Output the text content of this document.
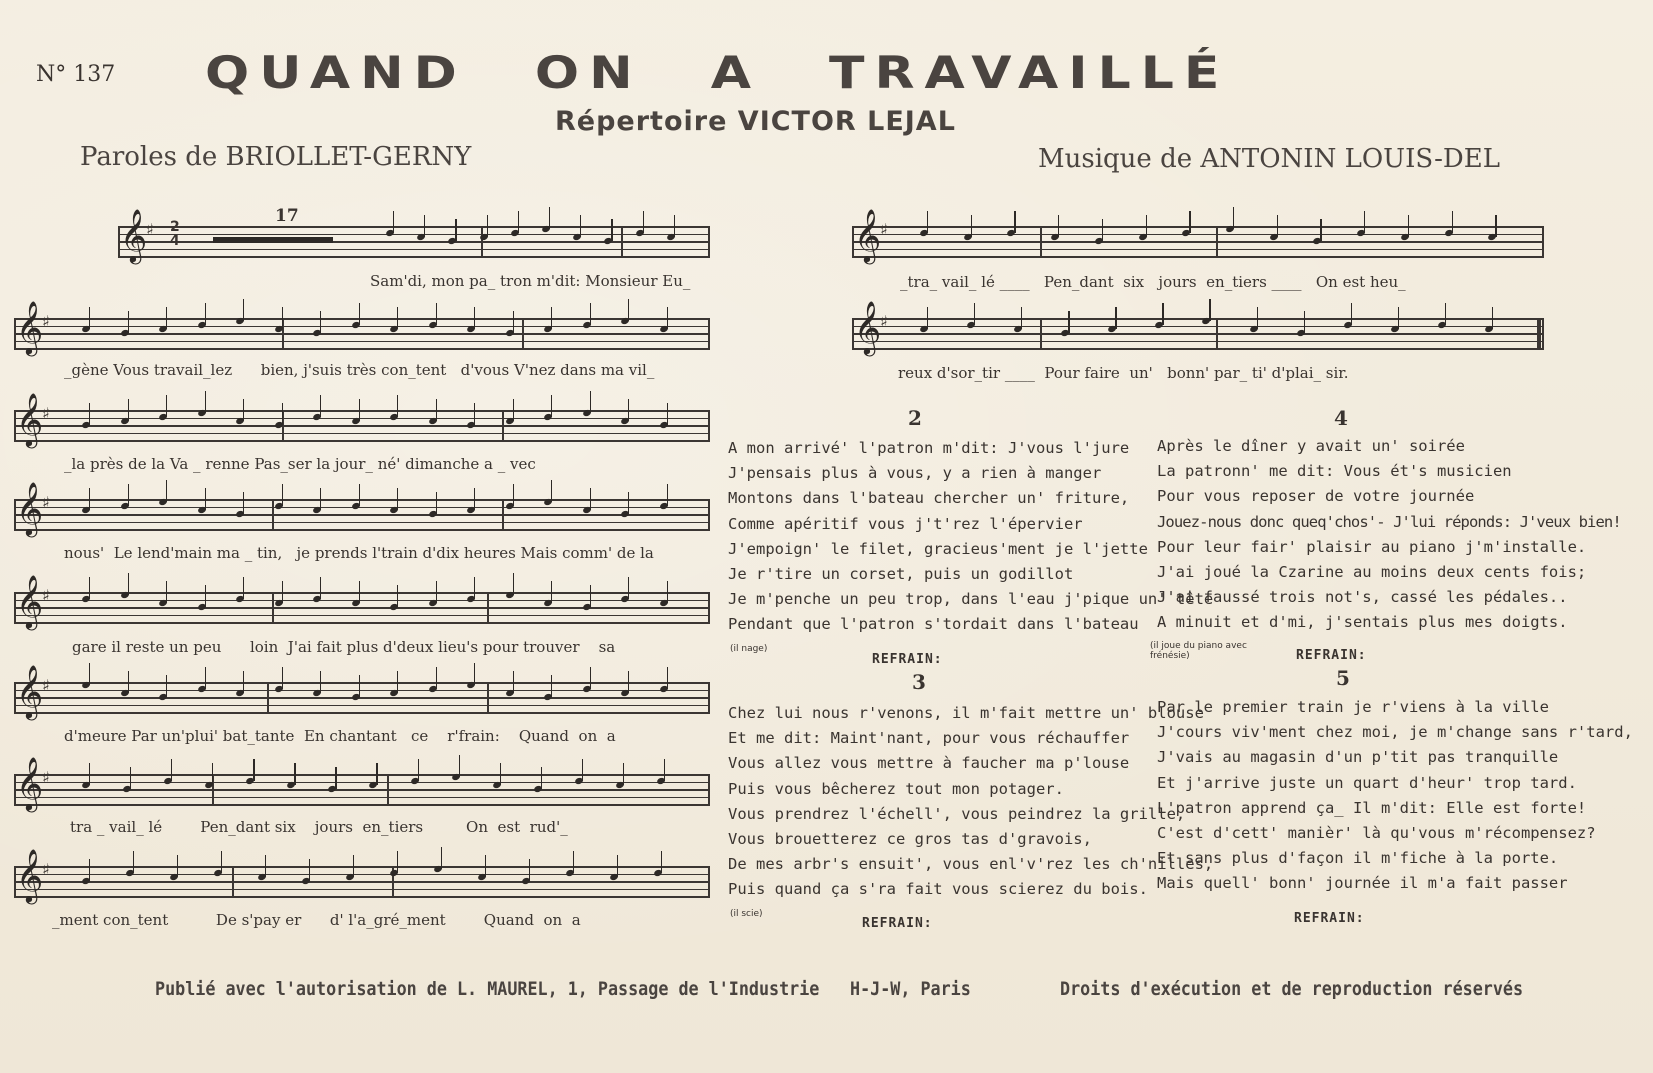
N° 137 QUAND ON A TRAVAILLÉ
Répertoire VICTOR LEJAL
Paroles de BRIOLLET-GERNY	Musique de ANTONIN LOUIS-DEL
17
𝄞
♯ 2
4
𝄞
♯
𝄞
♯
𝄞
♯
𝄞
♯
𝄞
♯
𝄞
♯
𝄞
♯
𝄞
♯
𝄞
♯
Sam'di, mon pa_ tron m'dit: Monsieur Eu_
_gène Vous travail_lez      bien, j'suis très con_tent   d'vous V'nez dans ma vil_
_la près de la Va _ renne Pas_ser la jour_ né' dimanche a _ vec
nous'  Le lend'main ma _ tin,   je prends l'train d'dix heures Mais comm' de la
gare il reste un peu      loin  J'ai fait plus d'deux lieu's pour trouver    sa
d'meure Par un'plui' bat_tante  En chantant   ce    r'frain:    Quand  on  a
tra _ vail_ lé        Pen_dant six    jours  en_tiers         On  est  rud'_
_ment con_tent          De s'pay er      d' l'a_gré_ment        Quand  on  a
_tra_ vail_ lé ____   Pen_dant  six   jours  en_tiers ____   On est heu_
reux d'sor_tir ____  Pour faire  un'   bonn' par_ ti' d'plai_ sir.
2
A mon arrivé' l'patron m'dit: J'vous l'jure
J'pensais plus à vous, y a rien à manger
Montons dans l'bateau chercher un' friture,
Comme apéritif vous j't'rez l'épervier
J'empoign' le filet, gracieus'ment je l'jette
Je r'tire un corset, puis un godillot
Je m'penche un peu trop, dans l'eau j'pique un' tête
Pendant que l'patron s'tordait dans l'bateau
(il nage)
REFRAIN:
3
Chez lui nous r'venons, il m'fait mettre un' blouse
Et me dit: Maint'nant, pour vous réchauffer
Vous allez vous mettre à faucher ma p'louse
Puis vous bêcherez tout mon potager.
Vous prendrez l'échell', vous peindrez la grille,
Vous brouetterez ce gros tas d'gravois,
De mes arbr's ensuit', vous enl'v'rez les ch'nilles,
Puis quand ça s'ra fait vous scierez du bois.
(il scie)
REFRAIN:
4
Après le dîner y avait un' soirée
La patronn' me dit: Vous ét's musicien
Pour vous reposer de votre journée
Jouez-nous donc queq'chos'- J'lui réponds: J'veux bien!
Pour leur fair' plaisir au piano j'm'installe.
J'ai joué la Czarine au moins deux cents fois;
J'ai faussé trois not's, cassé les pédales..
A minuit et d'mi, j'sentais plus mes doigts.
(il joue du piano avec frénésie)	REFRAIN:
5
Par le premier train je r'viens à la ville
J'cours viv'ment chez moi, je m'change sans r'tard,
J'vais au magasin d'un p'tit pas tranquille
Et j'arrive juste un quart d'heur' trop tard.
L'patron apprend ça_ Il m'dit: Elle est forte!
C'est d'cett' manièr' là qu'vous m'récompensez?
Et sans plus d'façon il m'fiche à la porte.
Mais quell' bonn' journée il m'a fait passer
REFRAIN:
Publié avec l'autorisation de L. MAUREL, 1, Passage de l'Industrie H-J-W, Paris	Droits d'exécution et de reproduction réservés
